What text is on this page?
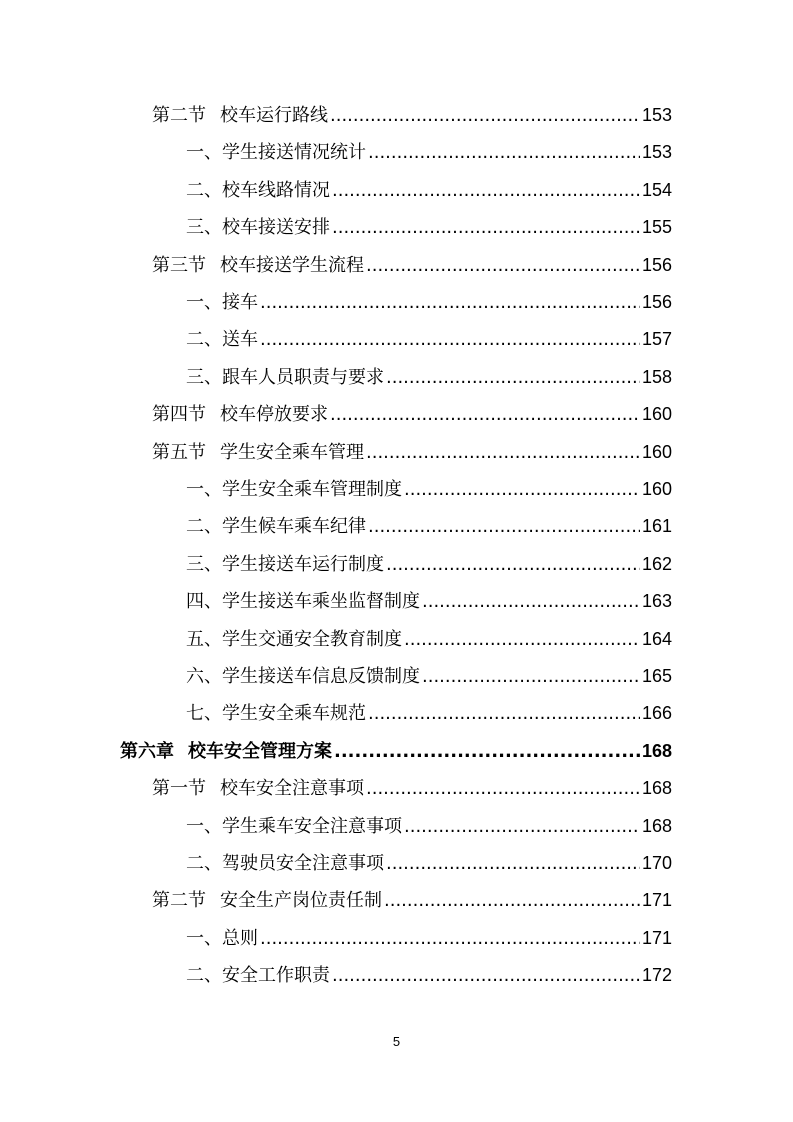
第二节 校车运行路线 .....	153
一、学生接送情况统计 .....	153
二、校车线路情况 .....	154
三、校车接送安排 .....	155
第三节 校车接送学生流程 .....	156
一、接车 .....	156
二、送车 .....	157
三、跟车人员职责与要求 .....	158
第四节 校车停放要求 .....	160
第五节 学生安全乘车管理 .....	160
一、学生安全乘车管理制度 .....	160
二、学生候车乘车纪律 .....	161
三、学生接送车运行制度 .....	162
四、学生接送车乘坐监督制度 .....	163
五、学生交通安全教育制度 .....	164
六、学生接送车信息反馈制度 .....	165
七、学生安全乘车规范 .....	166
第六章 校车安全管理方案 .....	168
第一节 校车安全注意事项 .....	168
一、学生乘车安全注意事项 .....	168
二、驾驶员安全注意事项 .....	170
第二节 安全生产岗位责任制 .....	171
一、总则 .....	171
二、安全工作职责 .....	172
5
